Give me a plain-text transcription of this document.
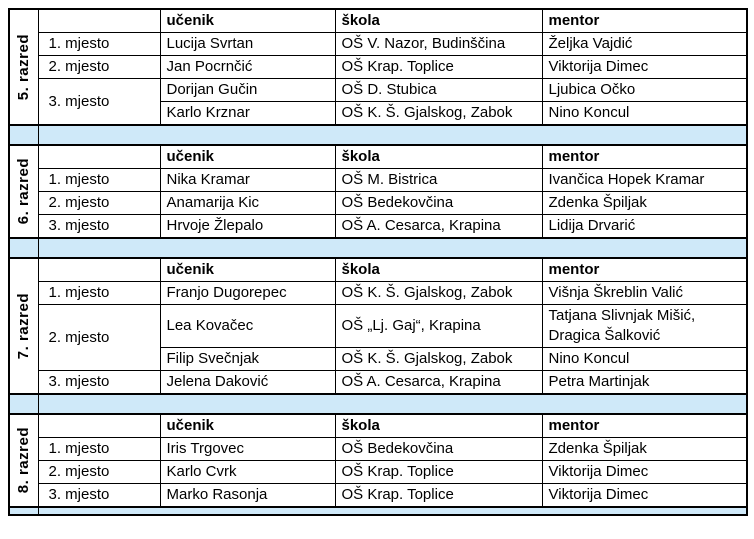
5. razred		učenik	škola	mentor
	1. mjesto	Lucija Svrtan	OŠ V. Nazor, Budinščina	Željka Vajdić
	2. mjesto	Jan Pocrnčić	OŠ Krap. Toplice	Viktorija Dimec
	3. mjesto	Dorijan Gučin	OŠ D. Stubica	Ljubica Očko
		Karlo Krznar	OŠ K. Š. Gjalskog, Zabok	Nino Koncul

6. razred		učenik	škola	mentor
	1. mjesto	Nika Kramar	OŠ M. Bistrica	Ivančica Hopek Kramar
	2. mjesto	Anamarija Kic	OŠ Bedekovčina	Zdenka Špiljak
	3. mjesto	Hrvoje Žlepalo	OŠ A. Cesarca, Krapina	Lidija Drvarić

7. razred		učenik	škola	mentor
	1. mjesto	Franjo Dugorepec	OŠ K. Š. Gjalskog, Zabok	Višnja Škreblin Valić
	2. mjesto	Lea Kovačec	OŠ „Lj. Gaj“, Krapina	Tatjana Slivnjak Mišić, Dragica Šalković
		Filip Svečnjak	OŠ K. Š. Gjalskog, Zabok	Nino Koncul
	3. mjesto	Jelena Daković	OŠ A. Cesarca, Krapina	Petra Martinjak

8. razred		učenik	škola	mentor
	1. mjesto	Iris Trgovec	OŠ Bedekovčina	Zdenka Špiljak
	2. mjesto	Karlo Cvrk	OŠ Krap. Toplice	Viktorija Dimec
	3. mjesto	Marko Rasonja	OŠ Krap. Toplice	Viktorija Dimec
